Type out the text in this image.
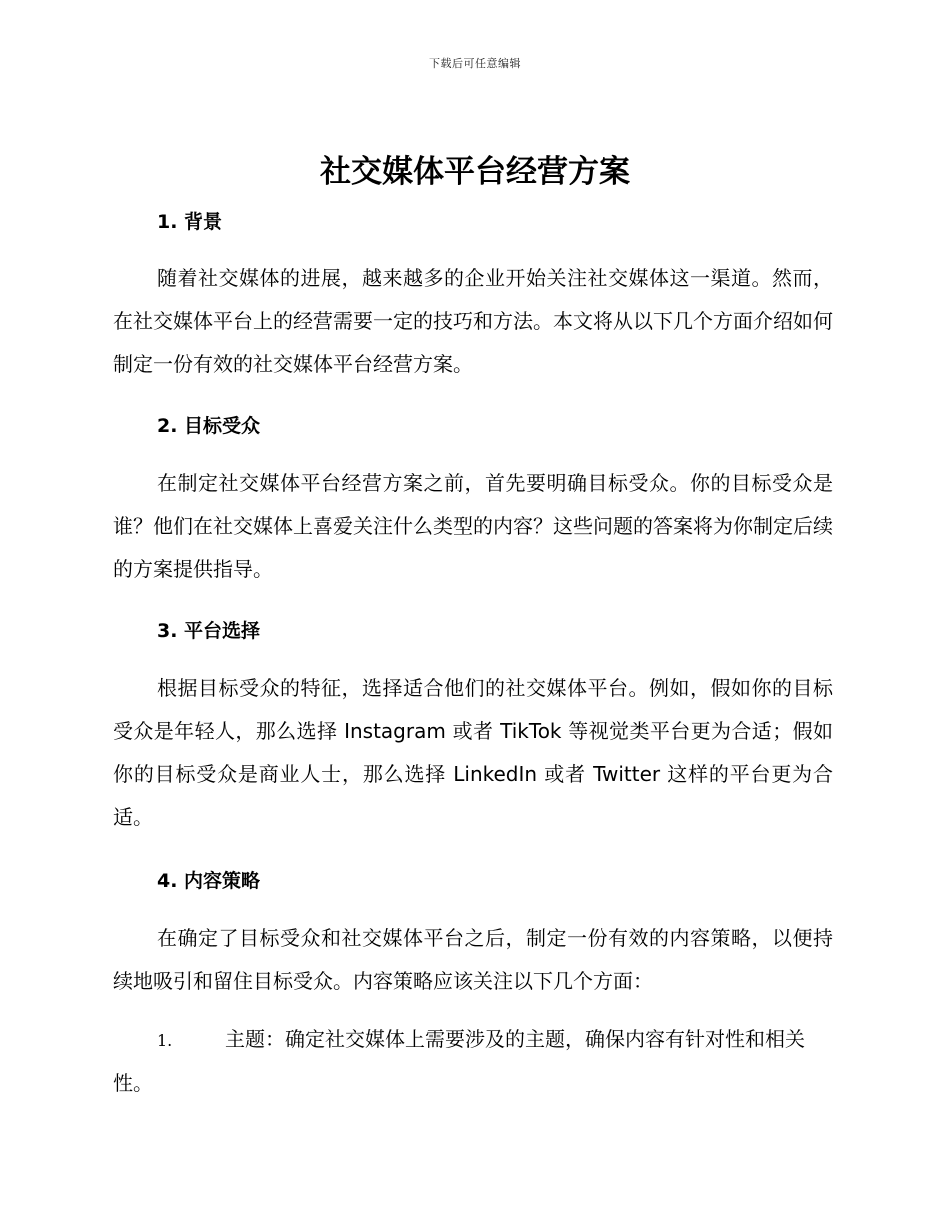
下载后可任意编辑
社交媒体平台经营方案
1. 背景

随着社交媒体的进展，越来越多的企业开始关注社交媒体这一渠道。然而，在社交媒体平台上的经营需要一定的技巧和方法。本文将从以下几个方面介绍如何制定一份有效的社交媒体平台经营方案。

2. 目标受众

在制定社交媒体平台经营方案之前，首先要明确目标受众。你的目标受众是谁？他们在社交媒体上喜爱关注什么类型的内容？这些问题的答案将为你制定后续的方案提供指导。

3. 平台选择

根据目标受众的特征，选择适合他们的社交媒体平台。例如，假如你的目标受众是年轻人，那么选择 Instagram 或者 TikTok 等视觉类平台更为合适；假如你的目标受众是商业人士，那么选择 LinkedIn 或者 Twitter 这样的平台更为合适。

4. 内容策略

在确定了目标受众和社交媒体平台之后，制定一份有效的内容策略，以便持续地吸引和留住目标受众。内容策略应该关注以下几个方面：

1.	主题：确定社交媒体上需要涉及的主题，确保内容有针对性和相关性。
